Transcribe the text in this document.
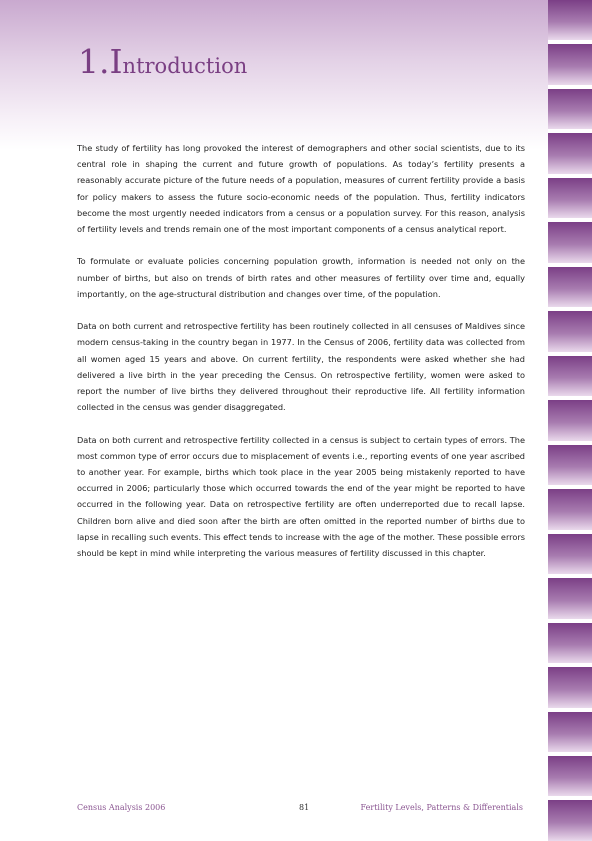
1.Introduction

The study of fertility has long provoked the interest of demographers and other social scientists, due to its central role in shaping the current and future growth of populations. As today’s fertility presents a reasonably accurate picture of the future needs of a population, measures of current fertility provide a basis for policy makers to assess the future socio-economic needs of the population. Thus, fertility indicators become the most urgently needed indicators from a census or a population survey. For this reason, analysis of fertility levels and trends remain one of the most important components of a census analytical report.

To formulate or evaluate policies concerning population growth, information is needed not only on the number of births, but also on trends of birth rates and other measures of fertility over time and, equally importantly, on the age-structural distribution and changes over time, of the population.

Data on both current and retrospective fertility has been routinely collected in all censuses of Maldives since modern census-taking in the country began in 1977. In the Census of 2006, fertility data was collected from all women aged 15 years and above. On current fertility, the respondents were asked whether she had delivered a live birth in the year preceding the Census. On retrospective fertility, women were asked to report the number of live births they delivered throughout their reproductive life. All fertility information collected in the census was gender disaggregated.

Data on both current and retrospective fertility collected in a census is subject to certain types of errors. The most common type of error occurs due to misplacement of events i.e., reporting events of one year ascribed to another year. For example, births which took place in the year 2005 being mistakenly reported to have occurred in 2006; particularly those which occurred towards the end of the year might be reported to have occurred in the following year. Data on retrospective fertility are often underreported due to recall lapse. Children born alive and died soon after the birth are often omitted in the reported number of births due to lapse in recalling such events. This effect tends to increase with the age of the mother. These possible errors should be kept in mind while interpreting the various measures of fertility discussed in this chapter.

Census Analysis 2006	81	Fertility Levels, Patterns & Differentials
